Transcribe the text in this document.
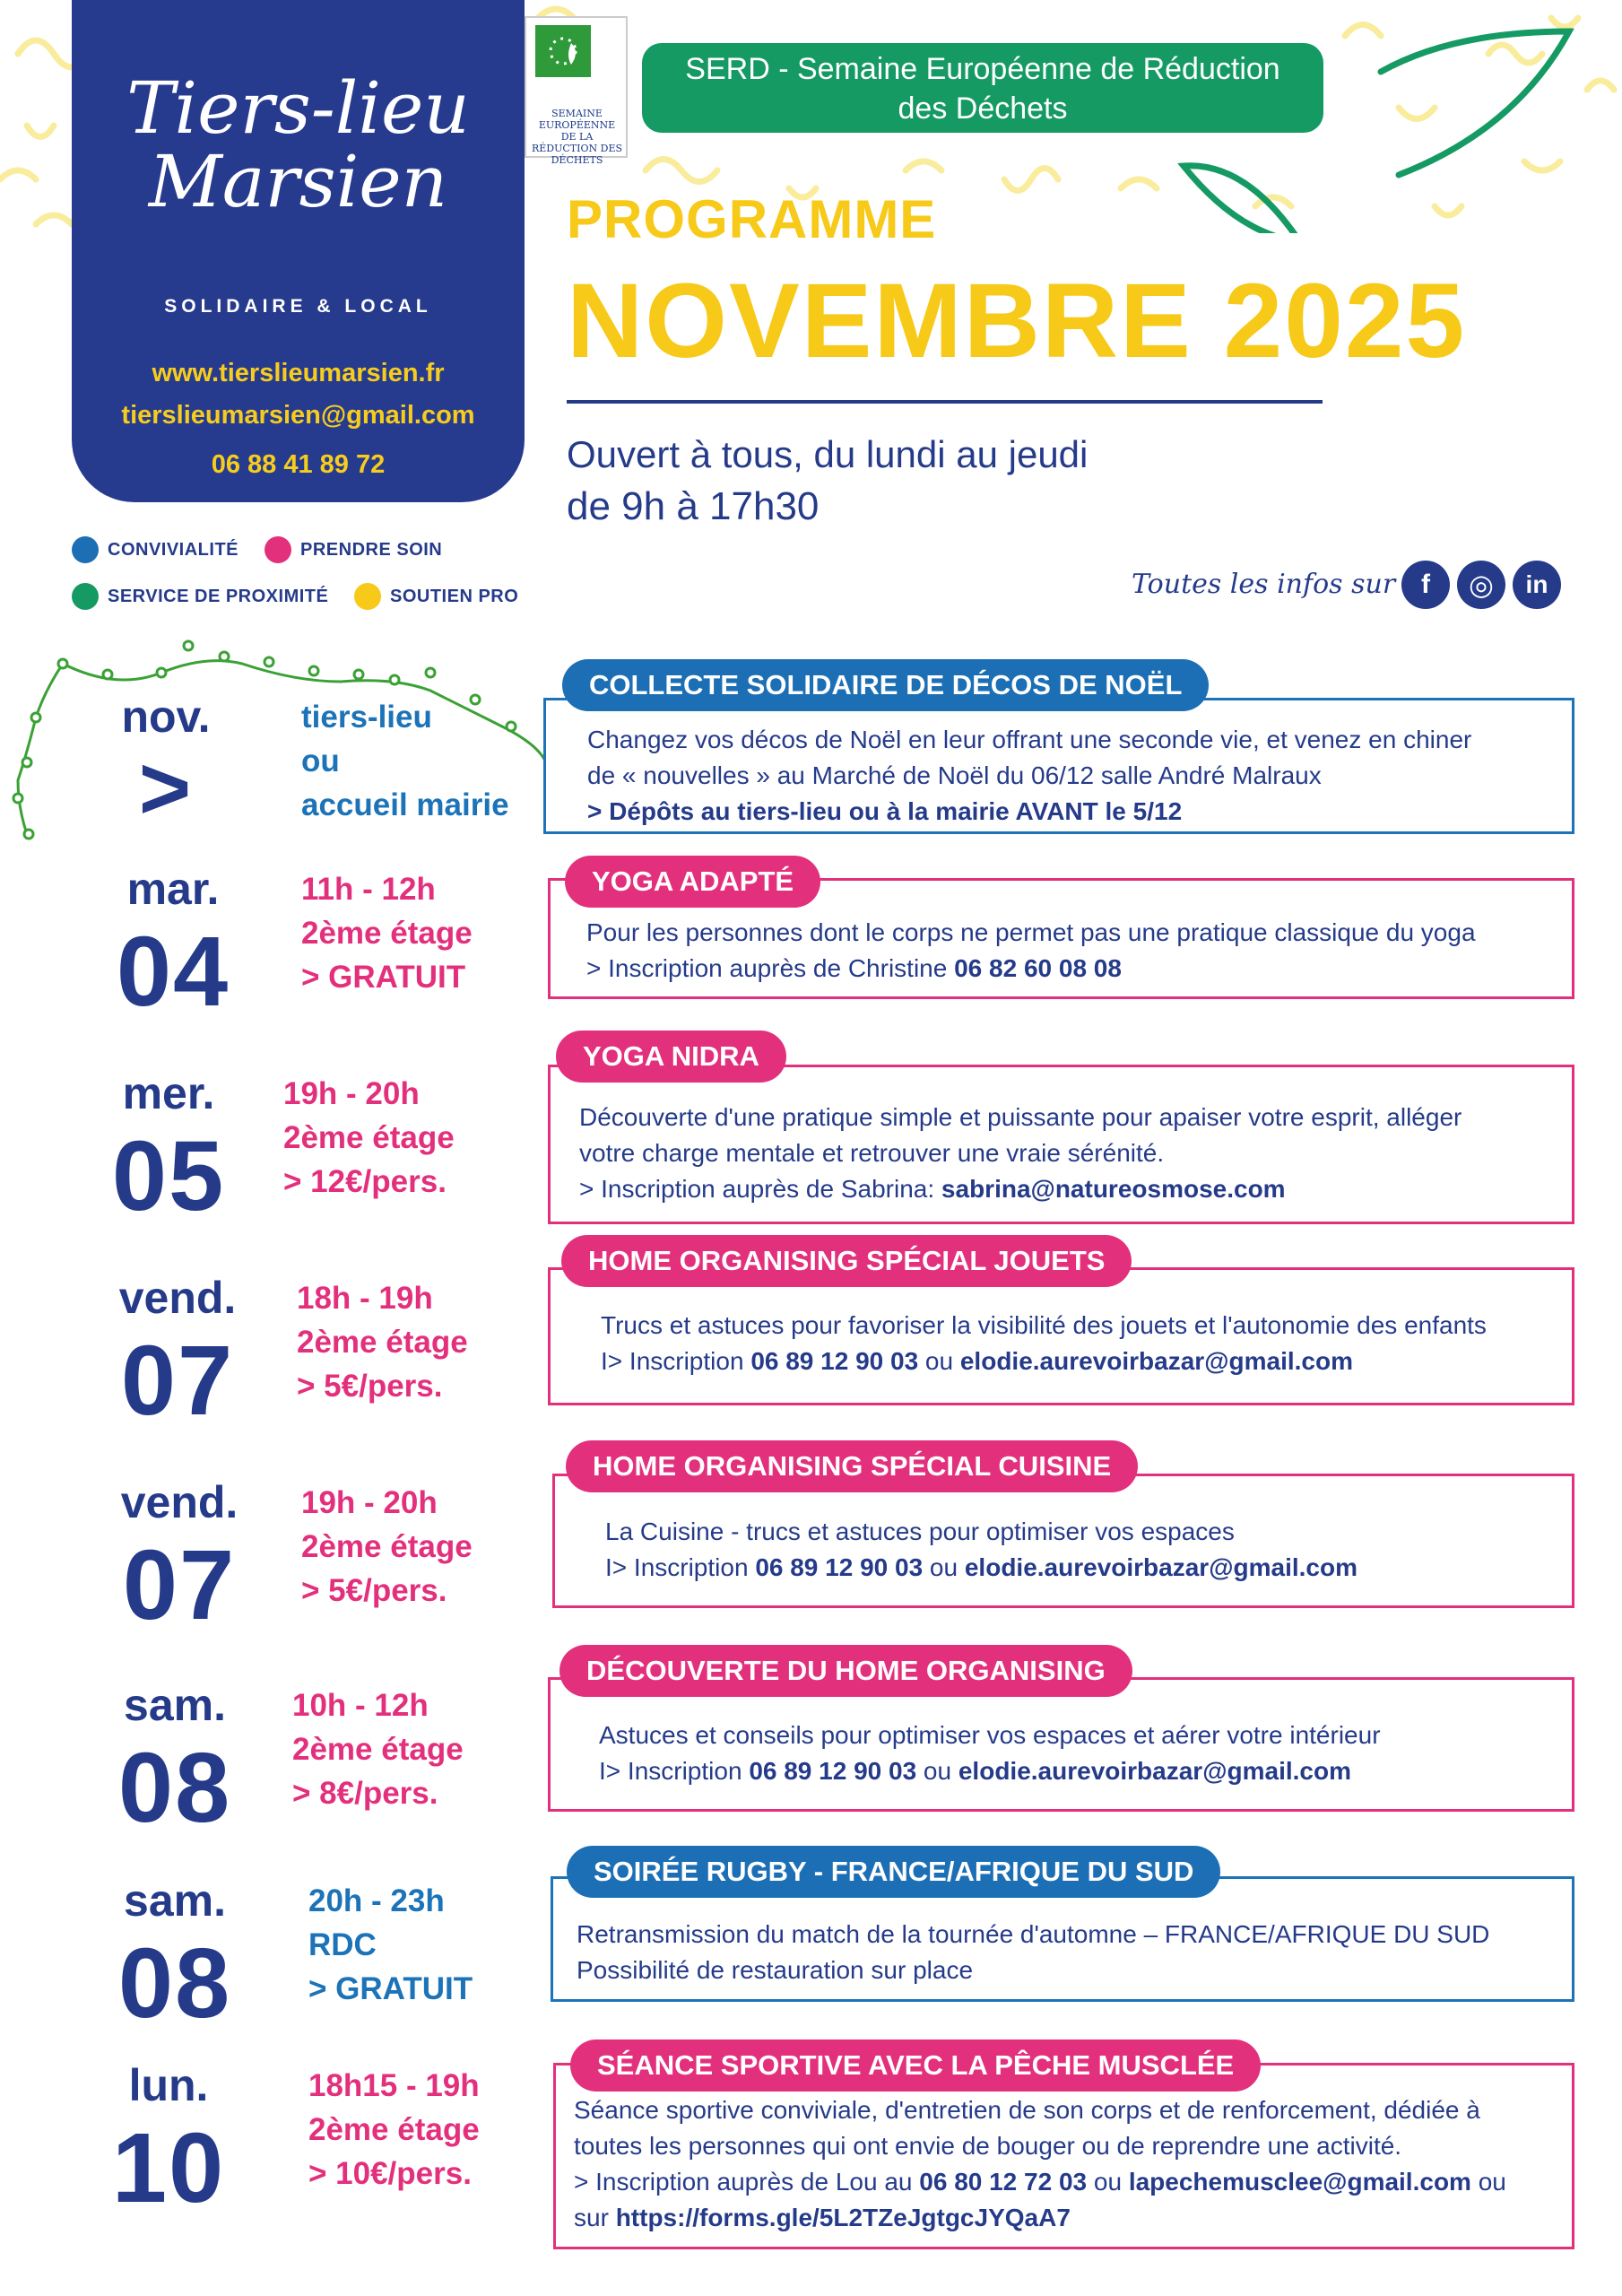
Tiers-lieu Marsien
SOLIDAIRE & LOCAL
www.tierslieumarsien.fr
tierslieumarsien@gmail.com
06 88 41 89 72
CONVIVIALITÉ	PRENDRE SOIN
SERVICE DE PROXIMITÉ	SOUTIEN PRO
SEMAINE EUROPÉENNE DE LA RÉDUCTION DES DÉCHETS
SERD - Semaine Européenne de Réduction
des Déchets
PROGRAMME
NOVEMBRE 2025
Ouvert à tous, du lundi au jeudi
de 9h à 17h30
Toutes les infos sur f	◎	in
nov.
>
tiers-lieu
ou
accueil mairie
COLLECTE SOLIDAIRE DE DÉCOS DE NOËL
Changez vos décos de Noël en leur offrant une seconde vie, et venez en chiner
de « nouvelles » au Marché de Noël du 06/12 salle André Malraux
> Dépôts au tiers-lieu ou à la mairie AVANT le 5/12
mar.
04
11h - 12h
2ème étage
> GRATUIT
YOGA ADAPTÉ
Pour les personnes dont le corps ne permet pas une pratique classique du yoga
> Inscription auprès de Christine 06 82 60 08 08
mer.
05
19h - 20h
2ème étage
> 12€/pers.
YOGA NIDRA
Découverte d'une pratique simple et puissante pour apaiser votre esprit, alléger
votre charge mentale et retrouver une vraie sérénité.
> Inscription auprès de Sabrina: sabrina@natureosmose.com
vend.
07
18h - 19h
2ème étage
> 5€/pers.
HOME ORGANISING SPÉCIAL JOUETS
Trucs et astuces pour favoriser la visibilité des jouets et l'autonomie des enfants
I> Inscription 06 89 12 90 03 ou elodie.aurevoirbazar@gmail.com
vend.
07
19h - 20h
2ème étage
> 5€/pers.
HOME ORGANISING SPÉCIAL CUISINE
La Cuisine - trucs et astuces pour optimiser vos espaces
I> Inscription 06 89 12 90 03 ou elodie.aurevoirbazar@gmail.com
sam.
08
10h - 12h
2ème étage
> 8€/pers.
DÉCOUVERTE DU HOME ORGANISING
Astuces et conseils pour optimiser vos espaces et aérer votre intérieur
I> Inscription 06 89 12 90 03 ou elodie.aurevoirbazar@gmail.com
sam.
08
20h - 23h
RDC
> GRATUIT
SOIRÉE RUGBY - FRANCE/AFRIQUE DU SUD
Retransmission du match de la tournée d'automne – FRANCE/AFRIQUE DU SUD
Possibilité de restauration sur place
lun.
10
18h15 - 19h
2ème étage
> 10€/pers.
SÉANCE SPORTIVE AVEC LA PÊCHE MUSCLÉE
Séance sportive conviviale, d'entretien de son corps et de renforcement, dédiée à
toutes les personnes qui ont envie de bouger ou de reprendre une activité.
> Inscription auprès de Lou au 06 80 12 72 03 ou lapechemusclee@gmail.com ou
sur https://forms.gle/5L2TZeJgtgcJYQaA7
